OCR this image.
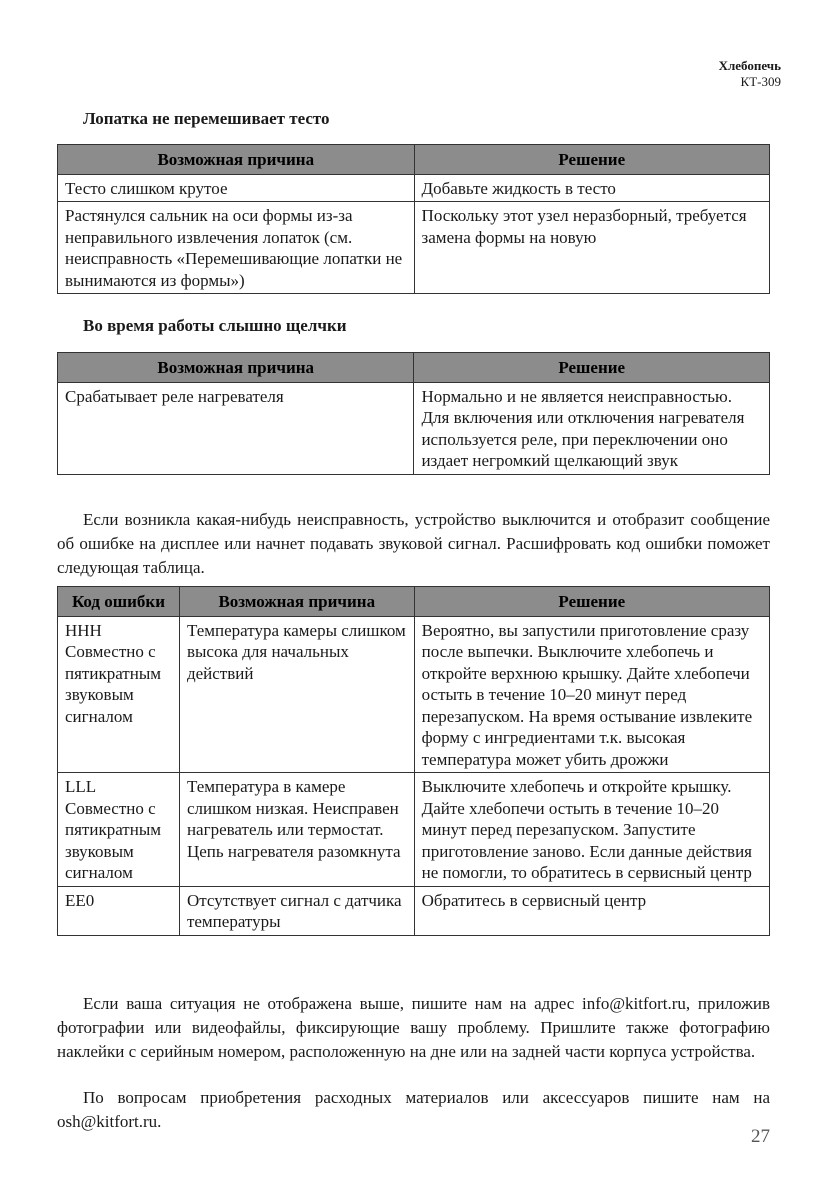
Хлебопечь
КТ-309
Лопатка не перемешивает тесто
Возможная причина	Решение
Тесто слишком крутое	Добавьте жидкость в тесто
Растянулся сальник на оси формы из-за неправильного извлечения лопаток (см. неисправность «Перемешивающие лопатки не вынимаются из формы»)	Поскольку этот узел неразборный, требуется замена формы на новую
Во время работы слышно щелчки
Возможная причина	Решение
Срабатывает реле нагревателя	Нормально и не является неисправностью. Для включения или отключения нагревателя используется реле, при переключении оно издает негромкий щелкающий звук
Если возникла какая-нибудь неисправность, устройство выключится и отобразит сообщение об ошибке на дисплее или начнет подавать звуковой сигнал. Расшифровать код ошибки поможет следующая таблица.
Код ошибки	Возможная причина	Решение
ННН Совместно с пятикратным звуковым сигналом	Температура камеры слишком высока для начальных действий	Вероятно, вы запустили приготовление сразу после выпечки. Выключите хлебопечь и откройте верхнюю крышку. Дайте хлебопечи остыть в течение 10–20 минут перед перезапуском. На время остывание извлеките форму с ингредиентами т.к. высокая температура может убить дрожжи
LLL Совместно с пятикратным звуковым сигналом	Температура в камере слишком низкая. Неисправен нагреватель или термостат. Цепь нагревателя разомкнута	Выключите хлебопечь и откройте крышку. Дайте хлебопечи остыть в течение 10–20 минут перед перезапуском. Запустите приготовление заново. Если данные действия не помогли, то обратитесь в сервисный центр
ЕЕ0	Отсутствует сигнал с датчика температуры	Обратитесь в сервисный центр
Если ваша ситуация не отображена выше, пишите нам на адрес info@kitfort.ru, приложив фотографии или видеофайлы, фиксирующие вашу проблему. Пришлите также фотографию наклейки с серийным номером, расположенную на дне или на задней части корпуса устройства.
По вопросам приобретения расходных материалов или аксессуаров пишите нам на osh@kitfort.ru.
27
